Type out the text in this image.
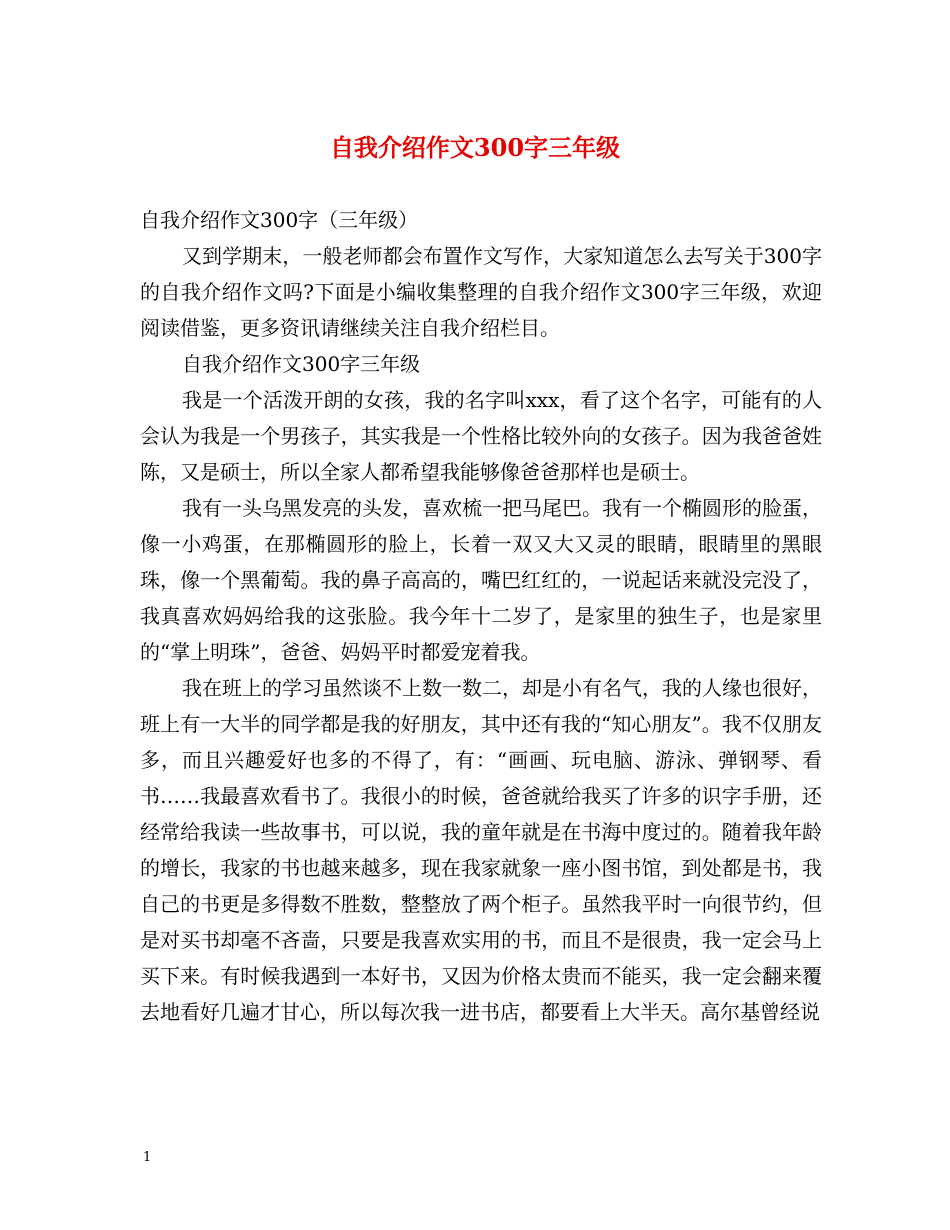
自我介绍作文300字三年级

自我介绍作文300字（三年级）

又到学期末，一般老师都会布置作文写作，大家知道怎么去写关于300字的自我介绍作文吗?下面是小编收集整理的自我介绍作文300字三年级，欢迎阅读借鉴，更多资讯请继续关注自我介绍栏目。

自我介绍作文300字三年级

我是一个活泼开朗的女孩，我的名字叫xxx，看了这个名字，可能有的人会认为我是一个男孩子，其实我是一个性格比较外向的女孩子。因为我爸爸姓陈，又是硕士，所以全家人都希望我能够像爸爸那样也是硕士。

我有一头乌黑发亮的头发，喜欢梳一把马尾巴。我有一个椭圆形的脸蛋，像一小鸡蛋，在那椭圆形的脸上，长着一双又大又灵的眼睛，眼睛里的黑眼珠，像一个黑葡萄。我的鼻子高高的，嘴巴红红的，一说起话来就没完没了，我真喜欢妈妈给我的这张脸。我今年十二岁了，是家里的独生子，也是家里的“掌上明珠”，爸爸、妈妈平时都爱宠着我。

我在班上的学习虽然谈不上数一数二，却是小有名气，我的人缘也很好，班上有一大半的同学都是我的好朋友，其中还有我的“知心朋友”。我不仅朋友多，而且兴趣爱好也多的不得了，有：“画画、玩电脑、游泳、弹钢琴、看书……我最喜欢看书了。我很小的时候，爸爸就给我买了许多的识字手册，还经常给我读一些故事书，可以说，我的童年就是在书海中度过的。随着我年龄的增长，我家的书也越来越多，现在我家就象一座小图书馆，到处都是书，我自己的书更是多得数不胜数，整整放了两个柜子。虽然我平时一向很节约，但是对买书却毫不吝啬，只要是我喜欢实用的书，而且不是很贵，我一定会马上买下来。有时候我遇到一本好书，又因为价格太贵而不能买，我一定会翻来覆去地看好几遍才甘心，所以每次我一进书店，都要看上大半天。高尔基曾经说

1
